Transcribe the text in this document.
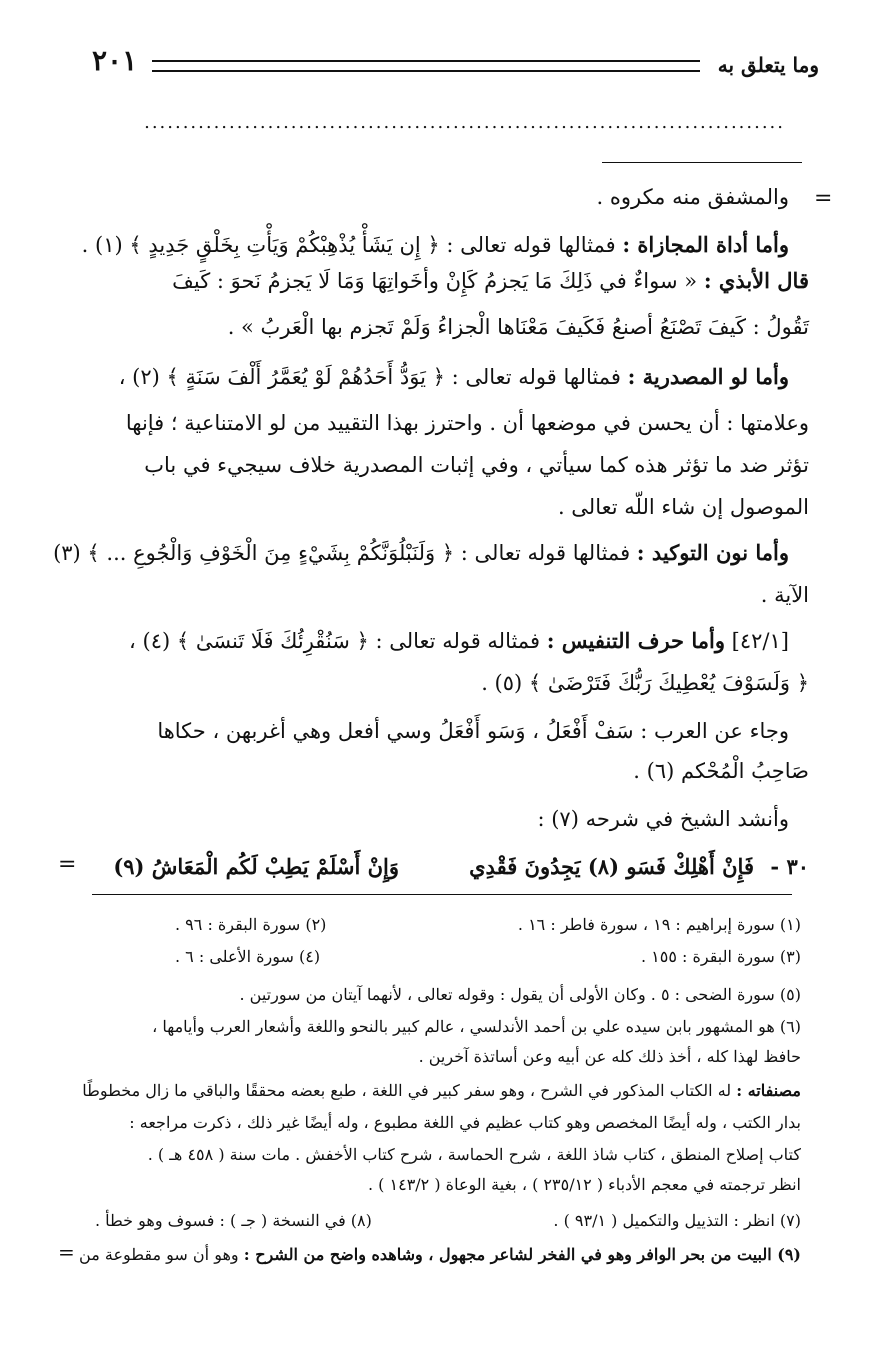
٢٠١	وما يتعلق به
...................................................................................
=
والمشفق منه مكروه .
وأما أداة المجازاة : فمثالها قوله تعالى : ﴿ إِن يَشَأْ يُذْهِبْكُمْ وَيَأْتِ بِخَلْقٍ جَدِيدٍ ﴾ (١) .
قال الأبذي : « سواءٌ في ذَلِكَ مَا يَجزمُ كَإِنْ وأخَواتِهَا وَمَا لَا يَجزمُ نَحوَ : كَيفَ
تَقُولُ : كَيفَ تَصْنَعُ أصنعُ فَكَيفَ مَعْنَاها الْجزاءُ وَلَمْ تَجزم بها الْعَربُ » .
وأما لو المصدرية : فمثالها قوله تعالى : ﴿ يَوَدُّ أَحَدُهُمْ لَوْ يُعَمَّرُ أَلْفَ سَنَةٍ ﴾ (٢) ،
وعلامتها : أن يحسن في موضعها أن . واحترز بهذا التقييد من لو الامتناعية ؛ فإنها
تؤثر ضد ما تؤثر هذه كما سيأتي ، وفي إثبات المصدرية خلاف سيجيء في باب
الموصول إن شاء اللّه تعالى .
وأما نون التوكيد : فمثالها قوله تعالى : ﴿ وَلَنَبْلُوَنَّكُمْ بِشَيْءٍ مِنَ الْخَوْفِ وَالْجُوعِ ... ﴾ (٣)
الآية .
[٤٢/١] وأما حرف التنفيس : فمثاله قوله تعالى : ﴿ سَنُقْرِئُكَ فَلَا تَنسَىٰ ﴾ (٤) ،
﴿ وَلَسَوْفَ يُعْطِيكَ رَبُّكَ فَتَرْضَىٰ ﴾ (٥) .
وجاء عن العرب : سَفْ أَفْعَلُ ، وَسَو أَفْعَلُ وسي أفعل وهي أغربهن ، حكاها
صَاحِبُ الْمُحْكم (٦) .
وأنشد الشيخ في شرحه (٧) :
٣٠ -
فَإِنْ أَهْلِكْ فَسَو (٨) يَجِدُونَ فَقْدِي
وَإِنْ أَسْلَمْ يَطِبْ لَكُم الْمَعَاشُ (٩)
=
(١) سورة إبراهيم : ١٩ ، سورة فاطر : ١٦ .
(٢) سورة البقرة : ٩٦ .
(٣) سورة البقرة : ١٥٥ .
(٤) سورة الأعلى : ٦ .
(٥) سورة الضحى : ٥ . وكان الأولى أن يقول : وقوله تعالى ، لأنهما آيتان من سورتين .
(٦) هو المشهور بابن سيده علي بن أحمد الأندلسي ، عالم كبير بالنحو واللغة وأشعار العرب وأيامها ،
حافظ لهذا كله ، أخذ ذلك كله عن أبيه وعن أساتذة آخرين .
مصنفاته : له الكتاب المذكور في الشرح ، وهو سفر كبير في اللغة ، طبع بعضه محققًا والباقي ما زال مخطوطًا
بدار الكتب ، وله أيضًا المخصص وهو كتاب عظيم في اللغة مطبوع ، وله أيضًا غير ذلك ، ذكرت مراجعه :
كتاب إصلاح المنطق ، كتاب شاذ اللغة ، شرح الحماسة ، شرح كتاب الأخفش . مات سنة ( ٤٥٨ هـ ) .
انظر ترجمته في معجم الأدباء ( ٢٣٥/١٢ ) ، بغية الوعاة ( ١٤٣/٢ ) .
(٧) انظر : التذييل والتكميل ( ٩٣/١ ) .
(٨) في النسخة ( جـ ) : فسوف وهو خطأ .
(٩) البيت من بحر الوافر وهو في الفخر لشاعر مجهول ، وشاهده واضح من الشرح : وهو أن سو مقطوعة من
=
